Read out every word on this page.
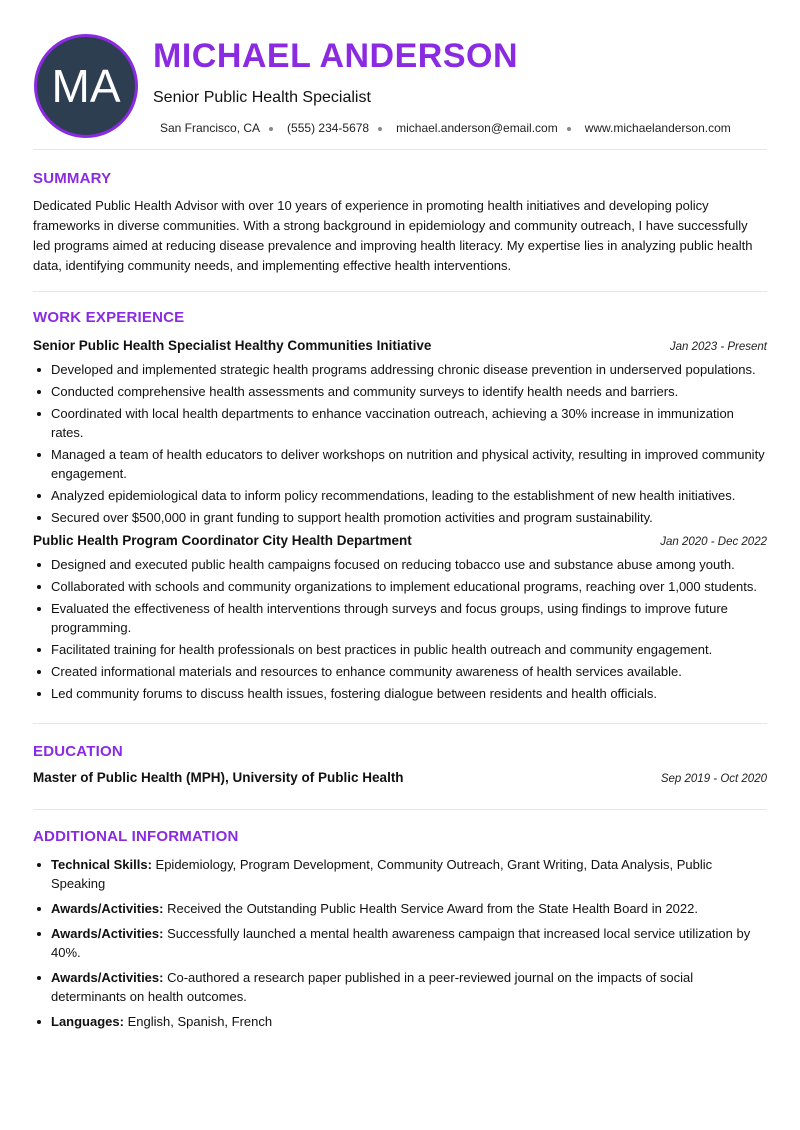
MA
MICHAEL ANDERSON
Senior Public Health Specialist
San Francisco, CA (555) 234-5678 michael.anderson@email.com www.michaelanderson.com
SUMMARY

Dedicated Public Health Advisor with over 10 years of experience in promoting health initiatives and developing policy frameworks in diverse communities. With a strong background in epidemiology and community outreach, I have successfully led programs aimed at reducing disease prevalence and improving health literacy. My expertise lies in analyzing public health data, identifying community needs, and implementing effective health interventions.

WORK EXPERIENCE
Senior Public Health Specialist Healthy Communities Initiative	Jan 2023 - Present
Developed and implemented strategic health programs addressing chronic disease prevention in underserved populations.
Conducted comprehensive health assessments and community surveys to identify health needs and barriers.
Coordinated with local health departments to enhance vaccination outreach, achieving a 30% increase in immunization rates.
Managed a team of health educators to deliver workshops on nutrition and physical activity, resulting in improved community engagement.
Analyzed epidemiological data to inform policy recommendations, leading to the establishment of new health initiatives.
Secured over $500,000 in grant funding to support health promotion activities and program sustainability.
Public Health Program Coordinator City Health Department	Jan 2020 - Dec 2022
Designed and executed public health campaigns focused on reducing tobacco use and substance abuse among youth.
Collaborated with schools and community organizations to implement educational programs, reaching over 1,000 students.
Evaluated the effectiveness of health interventions through surveys and focus groups, using findings to improve future programming.
Facilitated training for health professionals on best practices in public health outreach and community engagement.
Created informational materials and resources to enhance community awareness of health services available.
Led community forums to discuss health issues, fostering dialogue between residents and health officials.
EDUCATION
Master of Public Health (MPH), University of Public Health	Sep 2019 - Oct 2020
ADDITIONAL INFORMATION
Technical Skills: Epidemiology, Program Development, Community Outreach, Grant Writing, Data Analysis, Public Speaking
Awards/Activities: Received the Outstanding Public Health Service Award from the State Health Board in 2022.
Awards/Activities: Successfully launched a mental health awareness campaign that increased local service utilization by 40%.
Awards/Activities: Co-authored a research paper published in a peer-reviewed journal on the impacts of social determinants on health outcomes.
Languages: English, Spanish, French
